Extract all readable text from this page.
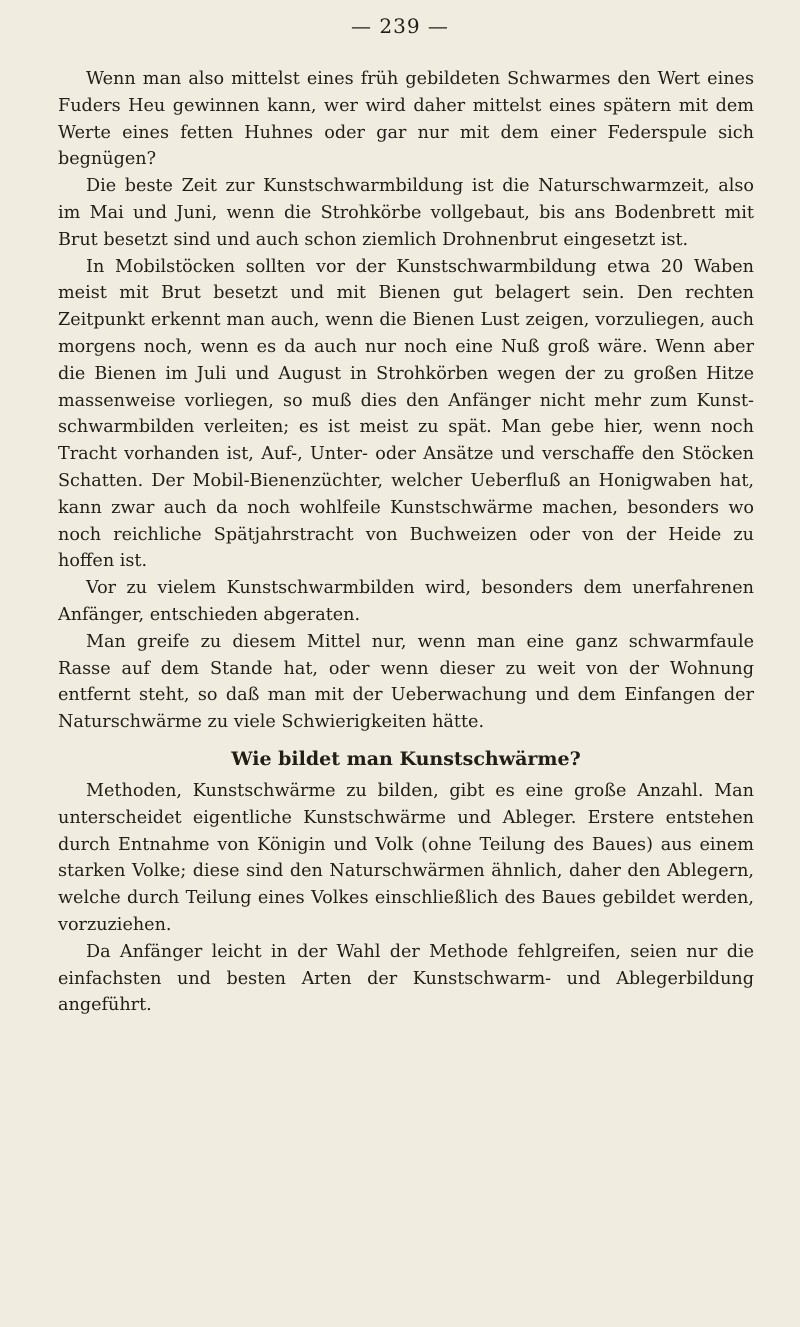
— 239 —

Wenn man also mittelst eines früh gebildeten Schwarmes den Wert eines Fuders Heu gewinnen kann, wer wird daher mittelst eines spätern mit dem Werte eines fetten Huhnes oder gar nur mit dem einer Federspule sich begnügen?

Die beste Zeit zur Kunstschwarmbildung ist die Naturschwarmzeit, also im Mai und Juni, wenn die Strohkörbe vollgebaut, bis ans Bodenbrett mit Brut besetzt sind und auch schon ziemlich Drohnenbrut eingesetzt ist.

In Mobilstöcken sollten vor der Kunstschwarmbildung etwa 20 Waben meist mit Brut besetzt und mit Bienen gut belagert sein. Den rechten Zeitpunkt erkennt man auch, wenn die Bienen Lust zeigen, vorzuliegen, auch morgens noch, wenn es da auch nur noch eine Nuß groß wäre. Wenn aber die Bienen im Juli und August in Strohkörben wegen der zu großen Hitze massenweise vorliegen, so muß dies den Anfänger nicht mehr zum Kunstschwarmbilden verleiten; es ist meist zu spät. Man gebe hier, wenn noch Tracht vorhanden ist, Auf-, Unter- oder Ansätze und verschaffe den Stöcken Schatten. Der Mobil-Bienenzüchter, welcher Ueberfluß an Honigwaben hat, kann zwar auch da noch wohlfeile Kunstschwärme machen, besonders wo noch reichliche Spätjahrstracht von Buchweizen oder von der Heide zu hoffen ist.

Vor zu vielem Kunstschwarmbilden wird, besonders dem unerfahrenen Anfänger, entschieden abgeraten.

Man greife zu diesem Mittel nur, wenn man eine ganz schwarmfaule Rasse auf dem Stande hat, oder wenn dieser zu weit von der Wohnung entfernt steht, so daß man mit der Ueberwachung und dem Einfangen der Naturschwärme zu viele Schwierigkeiten hätte.

Wie bildet man Kunstschwärme?

Methoden, Kunstschwärme zu bilden, gibt es eine große Anzahl. Man unterscheidet eigentliche Kunstschwärme und Ableger. Erstere entstehen durch Entnahme von Königin und Volk (ohne Teilung des Baues) aus einem starken Volke; diese sind den Naturschwärmen ähnlich, daher den Ablegern, welche durch Teilung eines Volkes einschließlich des Baues gebildet werden, vorzuziehen.

Da Anfänger leicht in der Wahl der Methode fehlgreifen, seien nur die einfachsten und besten Arten der Kunstschwarm- und Ablegerbildung angeführt.
